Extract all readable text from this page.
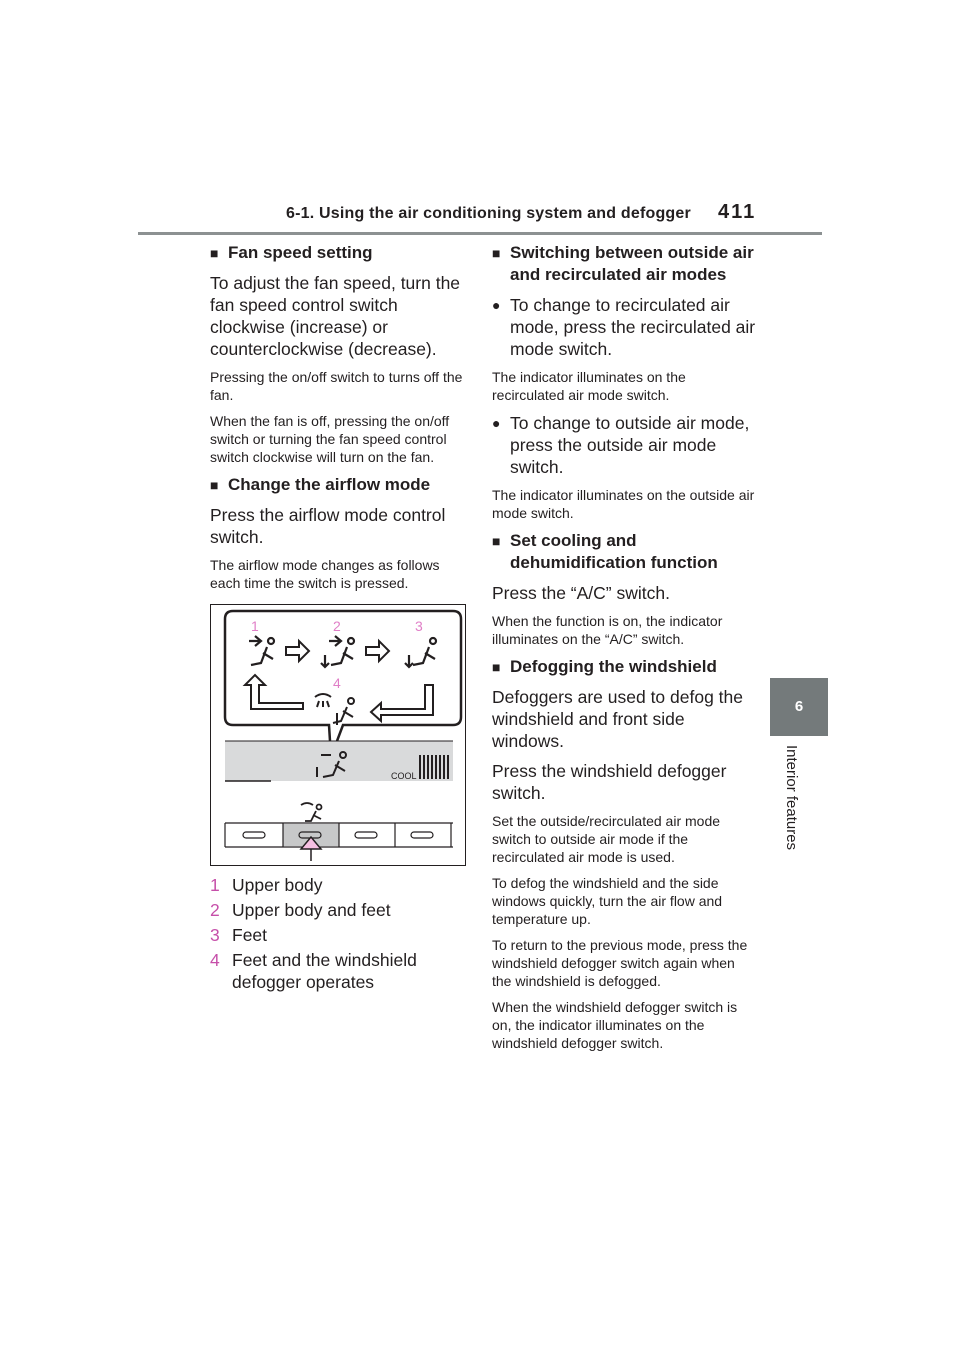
6-1. Using the air conditioning system and defogger 411
6
Interior features
■ Fan speed setting

To adjust the fan speed, turn the fan speed control switch clockwise (increase) or counterclockwise (decrease).

Pressing the on/off switch to turns off the fan.

When the fan is off, pressing the on/off switch or turning the fan speed control switch clockwise will turn on the fan.

■ Change the airflow mode

Press the airflow mode control switch.

The airflow mode changes as follows each time the switch is pressed.

1	2	3
4
COOL
1 Upper body
2 Upper body and feet
3 Feet
4 Feet and the windshield defogger operates
■ Switching between outside air and recirculated air modes
● To change to recirculated air mode, press the recirculated air mode switch.

The indicator illuminates on the recirculated air mode switch.

● To change to outside air mode, press the outside air mode switch.

The indicator illuminates on the outside air mode switch.

■ Set cooling and dehumidification function

Press the “A/C” switch.

When the function is on, the indicator illuminates on the “A/C” switch.

■ Defogging the windshield

Defoggers are used to defog the windshield and front side windows.

Press the windshield defogger switch.

Set the outside/recirculated air mode switch to outside air mode if the recirculated air mode is used.

To defog the windshield and the side windows quickly, turn the air flow and temperature up.

To return to the previous mode, press the windshield defogger switch again when the windshield is defogged.

When the windshield defogger switch is on, the indicator illuminates on the windshield defogger switch.
